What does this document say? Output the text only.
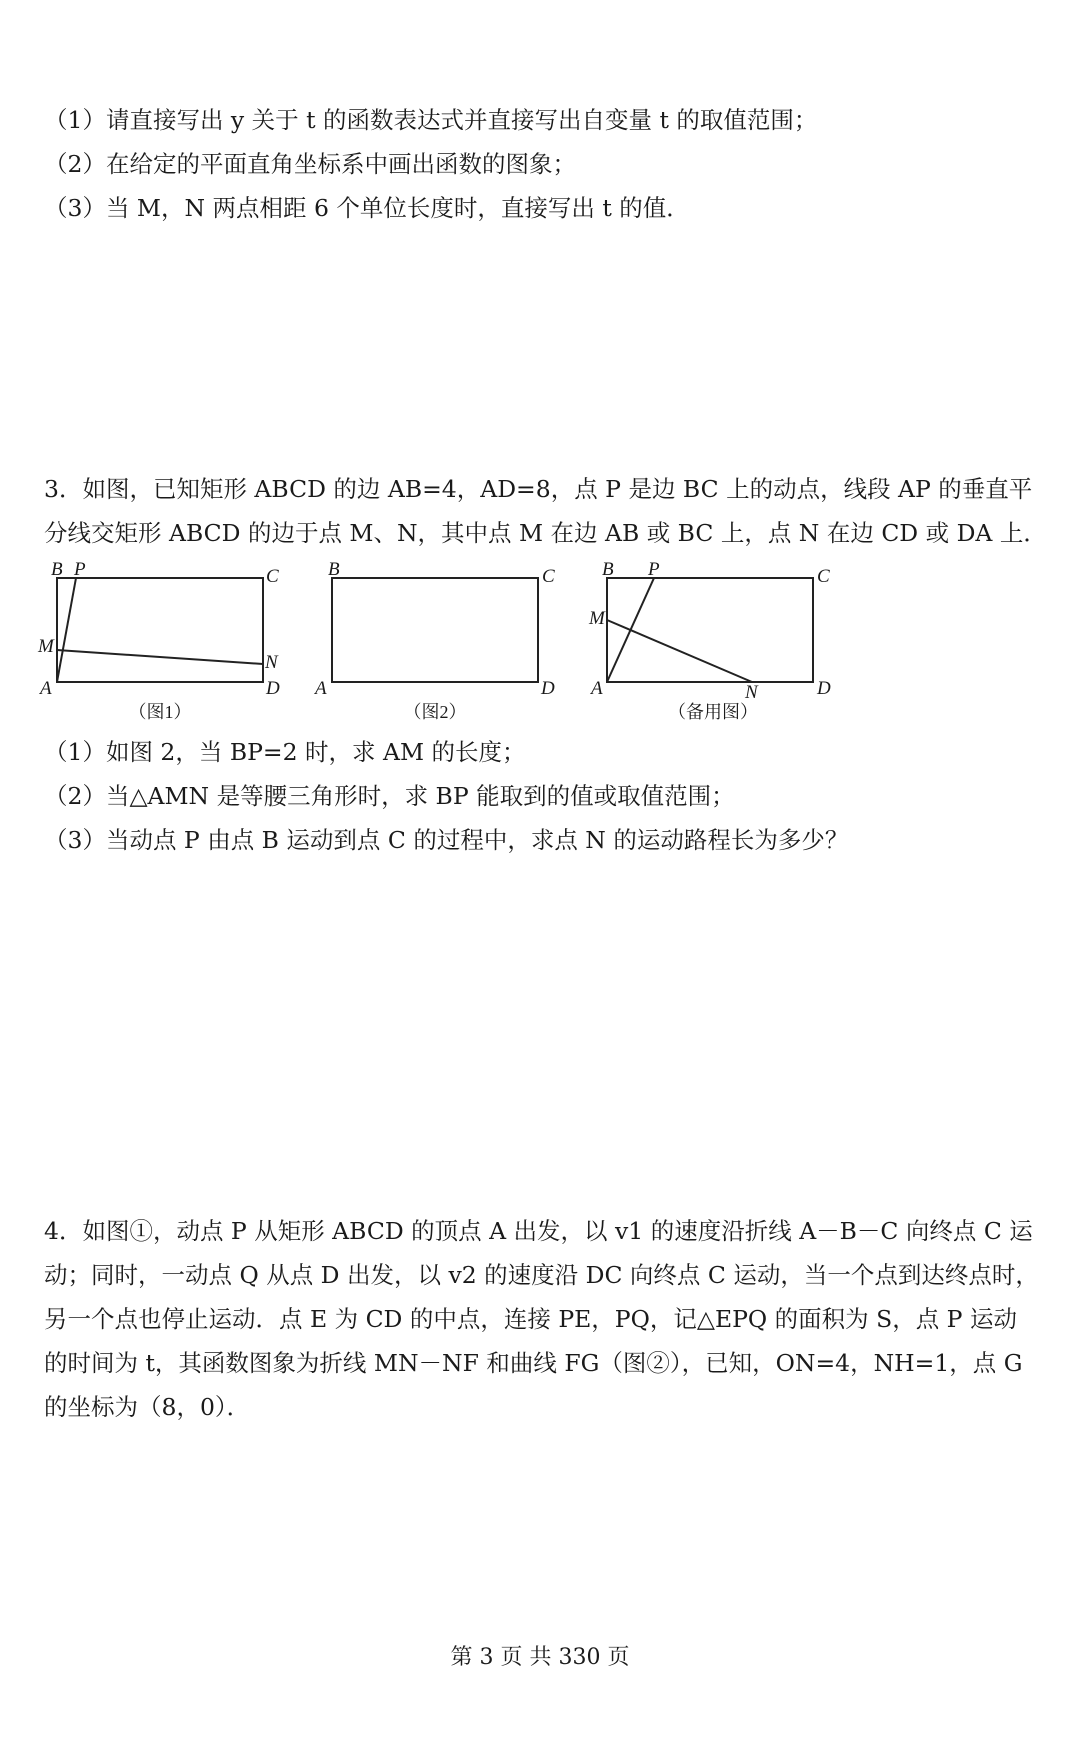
（1）请直接写出 y 关于 t 的函数表达式并直接写出自变量 t 的取值范围；
（2）在给定的平面直角坐标系中画出函数的图象；
（3）当 M，N 两点相距 6 个单位长度时，直接写出 t 的值．
3．如图，已知矩形 ABCD 的边 AB=4，AD=8，点 P 是边 BC 上的动点，线段 AP 的垂直平
分线交矩形 ABCD 的边于点 M、N，其中点 M 在边 AB 或 BC 上，点 N 在边 CD 或 DA 上．
B P	C
M
N
A	D
B	C
A	D
B P	C
M
A	N	D
（图1）	（图2）	（备用图）
（1）如图 2，当 BP=2 时，求 AM 的长度；
（2）当△AMN 是等腰三角形时，求 BP 能取到的值或取值范围；
（3）当动点 P 由点 B 运动到点 C 的过程中，求点 N 的运动路程长为多少？
4．如图①，动点 P 从矩形 ABCD 的顶点 A 出发，以 v1 的速度沿折线 A－B－C 向终点 C 运
动；同时，一动点 Q 从点 D 出发，以 v2 的速度沿 DC 向终点 C 运动，当一个点到达终点时，
另一个点也停止运动．点 E 为 CD 的中点，连接 PE，PQ，记△EPQ 的面积为 S，点 P 运动
的时间为 t，其函数图象为折线 MN－NF 和曲线 FG（图②），已知，ON=4，NH=1，点 G
的坐标为（8，0）．
第 3 页 共 330 页
